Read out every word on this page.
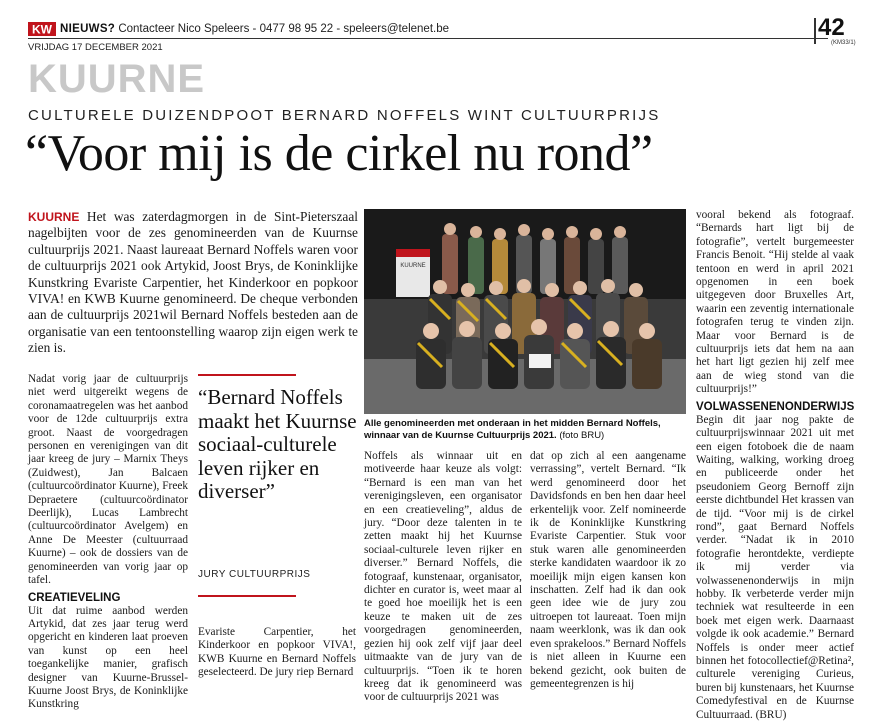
KW NIEUWS? Contacteer Nico Speleers - 0477 98 95 22 - speleers@telenet.be
VRIJDAG 17 DECEMBER 2021
42
(KM33/1)
KUURNE
CULTURELE DUIZENDPOOT BERNARD NOFFELS WINT CULTUURPRIJS
“Voor mij is de cirkel nu rond”
KUURNE Het was zaterdagmorgen in de Sint-Pieterszaal nagelbijten voor de zes genomineerden van de Kuurnse cultuurprijs 2021. Naast laureaat Bernard Noffels waren voor de cultuurprijs 2021 ook Artykid, Joost Brys, de Koninklijke Kunstkring Evariste Carpentier, het Kinderkoor en popkoor VIVA! en KWB Kuurne genomineerd. De cheque verbonden aan de cultuurprijs 2021wil Bernard Noffels besteden aan de organisatie van een tentoonstelling waarop zijn eigen werk te zien is.

Nadat vorig jaar de cultuurprijs niet werd uitgereikt wegens de coronamaatregelen was het aanbod voor de 12de cultuurprijs extra groot. Naast de voorgedragen personen en verenigingen van dit jaar kreeg de jury – Marnix Theys (Zuidwest), Jan Balcaen (cultuurcoördinator Kuurne), Freek Depraetere (cultuurcoördinator Deerlijk), Lucas Lambrecht (cultuurcoördinator Avelgem) en Anne De Meester (cultuurraad Kuurne) – ook de dossiers van de genomineerden van vorig jaar op tafel.

CREATIEVELING

Uit dat ruime aanbod werden Artykid, dat zes jaar terug werd opgericht en kinderen laat proeven van kunst op een heel toegankelijke manier, grafisch designer van Kuurne-Brussel-Kuurne Joost Brys, de Koninklijke Kunstkring

“Bernard Noffels maakt het Kuurnse sociaal-culturele leven rijker en diverser”
JURY CULTUURPRIJS
Evariste Carpentier, het Kinderkoor en popkoor VIVA!, KWB Kuurne en Bernard Noffels geselecteerd. De jury riep Bernard
KUURNE
Alle genomineerden met onderaan in het midden Bernard Noffels, winnaar van de Kuurnse Cultuurprijs 2021. (foto BRU)
Noffels als winnaar uit en motiveerde haar keuze als volgt: “Bernard is een man van het verenigingsleven, een organisator en een creatieveling”, aldus de jury. “Door deze talenten in te zetten maakt hij het Kuurnse sociaal-culturele leven rijker en diverser.” Bernard Noffels, die fotograaf, kunstenaar, organisator, dichter en curator is, weet maar al te goed hoe moeilijk het is een keuze te maken uit de zes voorgedragen genomineerden, gezien hij ook zelf vijf jaar deel uitmaakte van de jury van de cultuurprijs. “Toen ik te horen kreeg dat ik genomineerd was voor de cultuurprijs 2021 was
dat op zich al een aangename verrassing”, vertelt Bernard. “Ik werd genomineerd door het Davidsfonds en ben hen daar heel erkentelijk voor. Zelf nomineerde ik de Koninklijke Kunstkring Evariste Carpentier. Stuk voor stuk waren alle genomineerden sterke kandidaten waardoor ik zo moeilijk mijn eigen kansen kon inschatten. Zelf had ik dan ook geen idee wie de jury zou uitroepen tot laureaat. Toen mijn naam weerklonk, was ik dan ook even sprakeloos.” Bernard Noffels is niet alleen in Kuurne een bekend gezicht, ook buiten de gemeentegrenzen is hij

vooral bekend als fotograaf. “Bernards hart ligt bij de fotografie”, vertelt burgemeester Francis Benoit. “Hij stelde al vaak tentoon en werd in april 2021 opgenomen in een boek uitgegeven door Bruxelles Art, waarin een zeventig internationale fotografen terug te vinden zijn. Maar voor Bernard is de cultuurprijs iets dat hem na aan het hart ligt gezien hij zelf mee aan de wieg stond van die cultuurprijs!”

VOLWASSENENONDERWIJS

Begin dit jaar nog pakte de cultuurprijswinnaar 2021 uit met een eigen fotoboek die de naam Waiting, walking, working droeg en publiceerde onder het pseudoniem Georg Bernoff zijn eerste dichtbundel Het krassen van de tijd. “Voor mij is de cirkel rond”, gaat Bernard Noffels verder. “Nadat ik in 2010 fotografie herontdekte, verdiepte ik mij verder via volwassenenonderwijs in mijn hobby. Ik verbeterde verder mijn techniek wat resulteerde in een boek met eigen werk. Daarnaast volgde ik ook academie.” Bernard Noffels is onder meer actief binnen het fotocollectief@Retina², culturele vereniging Curieus, buren bij kunstenaars, het Kuurnse Comedyfestival en de Kuurnse Cultuurraad. (BRU)
